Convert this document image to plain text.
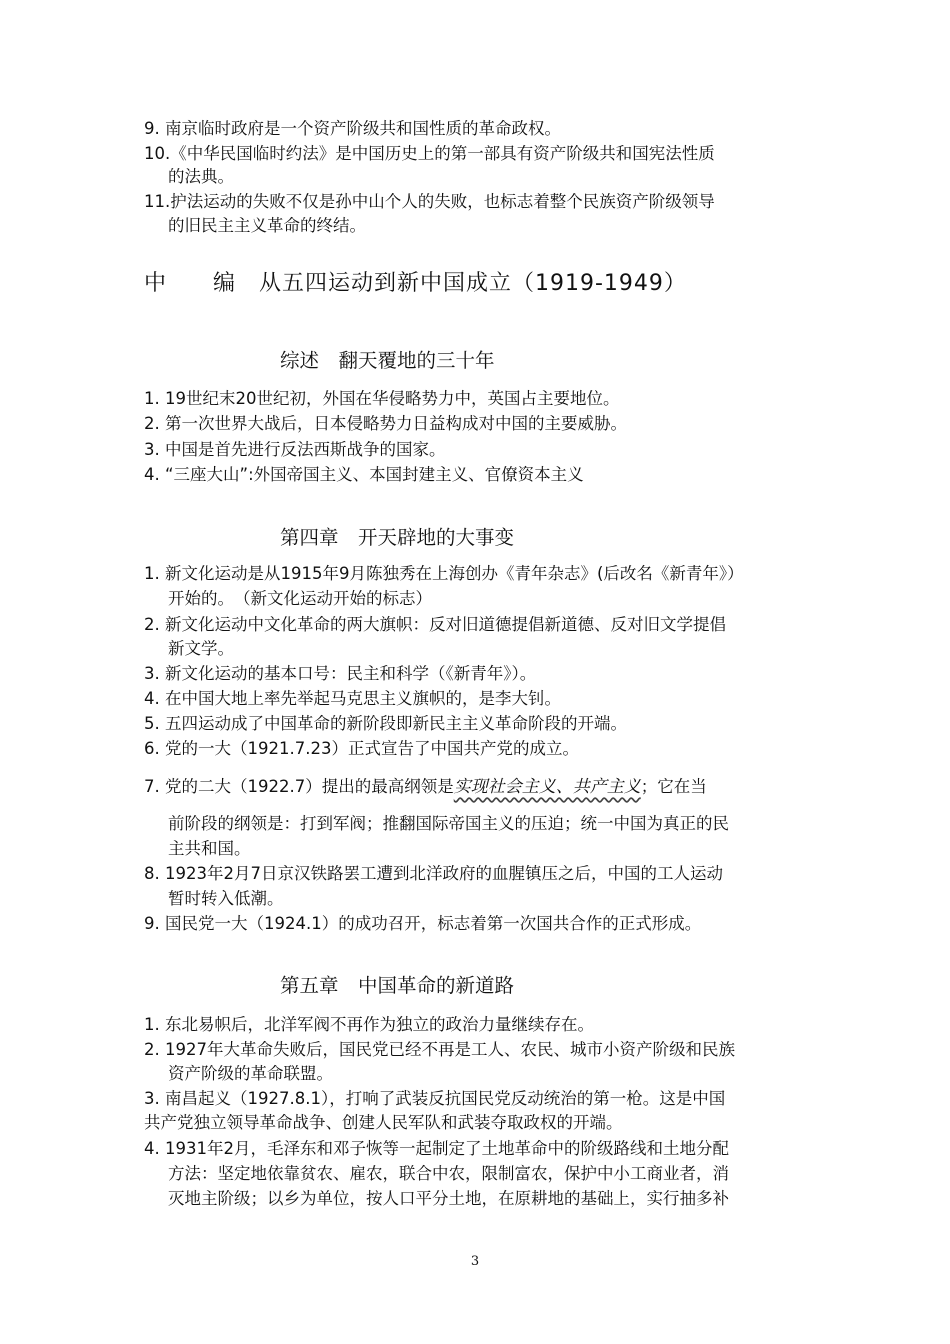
9. 南京临时政府是一个资产阶级共和国性质的革命政权。
10.《中华民国临时约法》是中国历史上的第一部具有资产阶级共和国宪法性质
的法典。
11.护法运动的失败不仅是孙中山个人的失败，也标志着整个民族资产阶级领导
的旧民主主义革命的终结。
中　　编　从五四运动到新中国成立（1919-1949）
综述　翻天覆地的三十年
1. 19世纪末20世纪初，外国在华侵略势力中，英国占主要地位。
2. 第一次世界大战后，日本侵略势力日益构成对中国的主要威胁。
3. 中国是首先进行反法西斯战争的国家。
4. “三座大山”:外国帝国主义、本国封建主义、官僚资本主义
第四章　开天辟地的大事变
1. 新文化运动是从1915年9月陈独秀在上海创办《青年杂志》(后改名《新青年》）
开始的。　（新文化运动开始的标志）
2. 新文化运动中文化革命的两大旗帜：反对旧道德提倡新道德、反对旧文学提倡
新文学。
3. 新文化运动的基本口号：民主和科学（《新青年》）。
4. 在中国大地上率先举起马克思主义旗帜的，是李大钊。
5. 五四运动成了中国革命的新阶段即新民主主义革命阶段的开端。
6. 党的一大（1921.7.23）正式宣告了中国共产党的成立。
7. 党的二大（1922.7）提出的最高纲领是实现社会主义、共产主义；它在当
前阶段的纲领是：打到军阀；推翻国际帝国主义的压迫；统一中国为真正的民
主共和国。
8. 1923年2月7日京汉铁路罢工遭到北洋政府的血腥镇压之后，中国的工人运动
暂时转入低潮。
9. 国民党一大（1924.1）的成功召开，标志着第一次国共合作的正式形成。
第五章　中国革命的新道路
1. 东北易帜后，北洋军阀不再作为独立的政治力量继续存在。
2. 1927年大革命失败后，国民党已经不再是工人、农民、城市小资产阶级和民族
资产阶级的革命联盟。
3. 南昌起义（1927.8.1），打响了武装反抗国民党反动统治的第一枪。这是中国
共产党独立领导革命战争、创建人民军队和武装夺取政权的开端。
4. 1931年2月，毛泽东和邓子恢等一起制定了土地革命中的阶级路线和土地分配
方法：坚定地依靠贫农、雇农，联合中农，限制富农，保护中小工商业者，消
灭地主阶级；以乡为单位，按人口平分土地，在原耕地的基础上，实行抽多补
3
